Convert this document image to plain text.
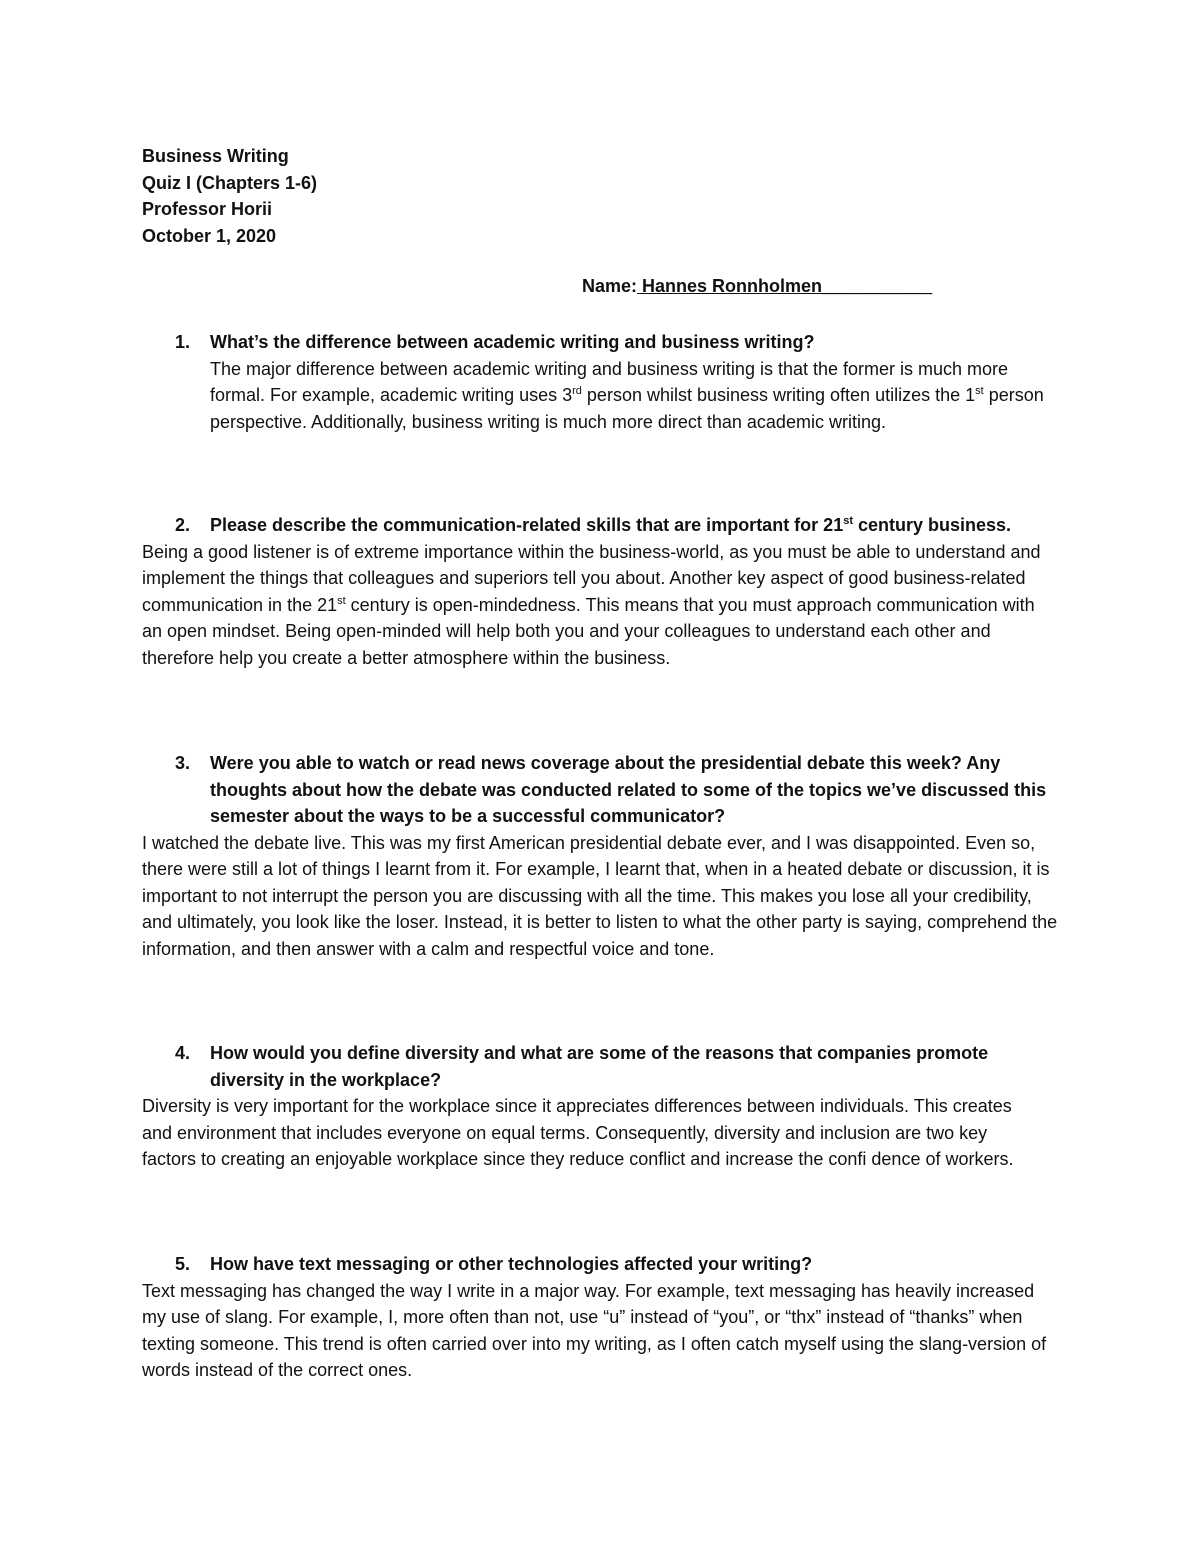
Business Writing
Quiz I (Chapters 1-6)
Professor Horii
October 1, 2020
Name: Hannes Ronnholmen___________
1.	What’s the difference between academic writing and business writing?
The major difference between academic writing and business writing is that the former is much more formal. For example, academic writing uses 3rd person whilst business writing often utilizes the 1st person perspective. Additionally, business writing is much more direct than academic writing.
2.	Please describe the communication-related skills that are important for 21st century business.
Being a good listener is of extreme importance within the business-world, as you must be able to understand and implement the things that colleagues and superiors tell you about. Another key aspect of good business-related communication in the 21st century is open-mindedness. This means that you must approach communication with an open mindset. Being open-minded will help both you and your colleagues to understand each other and therefore help you create a better atmosphere within the business.
3.	Were you able to watch or read news coverage about the presidential debate this week? Any thoughts about how the debate was conducted related to some of the topics we’ve discussed this semester about the ways to be a successful communicator?
I watched the debate live. This was my first American presidential debate ever, and I was disappointed. Even so, there were still a lot of things I learnt from it. For example, I learnt that, when in a heated debate or discussion, it is important to not interrupt the person you are discussing with all the time. This makes you lose all your credibility, and ultimately, you look like the loser. Instead, it is better to listen to what the other party is saying, comprehend the information, and then answer with a calm and respectful voice and tone.
4.	How would you define diversity and what are some of the reasons that companies promote diversity in the workplace?
Diversity is very important for the workplace since it appreciates differences between individuals. This creates and environment that includes everyone on equal terms. Consequently, diversity and inclusion are two key factors to creating an enjoyable workplace since they reduce conflict and increase the confi dence of workers.
5.	How have text messaging or other technologies affected your writing?
Text messaging has changed the way I write in a major way. For example, text messaging has heavily increased my use of slang. For example, I, more often than not, use “u” instead of “you”, or “thx” instead of “thanks” when texting someone. This trend is often carried over into my writing, as I often catch myself using the slang-version of words instead of the correct ones.
